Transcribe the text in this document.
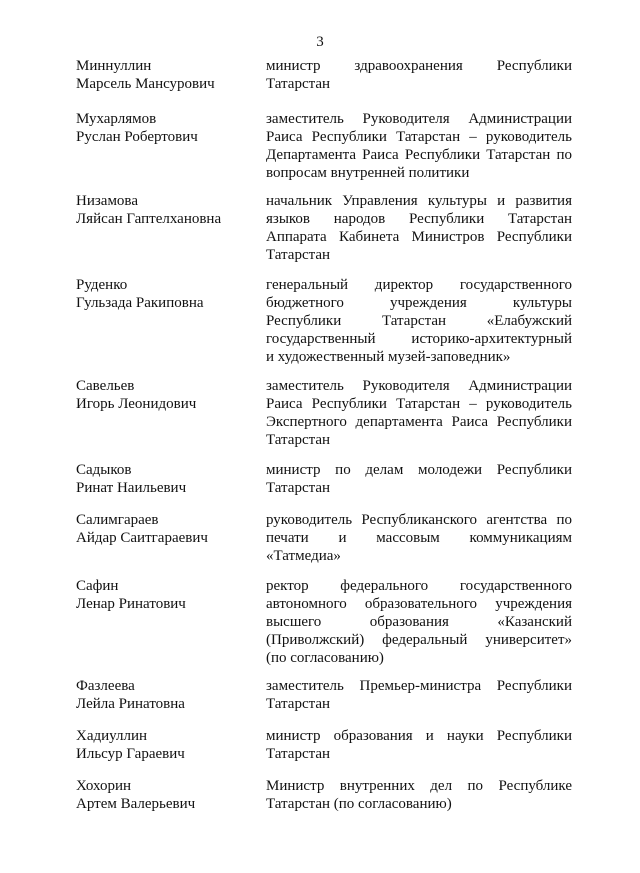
3
Миннуллин
Марсель Мансурович
министр здравоохранения Республики
Татарстан
Мухарлямов
Руслан Робертович
заместитель Руководителя Администрации
Раиса Республики Татарстан – руководитель
Департамента Раиса Республики Татарстан по
вопросам внутренней политики
Низамова
Ляйсан Гаптелхановна
начальник Управления культуры и развития
языков народов Республики Татарстан
Аппарата Кабинета Министров Республики
Татарстан
Руденко
Гульзада Ракиповна
генеральный директор государственного
бюджетного учреждения культуры
Республики Татарстан «Елабужский
государственный историко-архитектурный
и художественный музей-заповедник»
Савельев
Игорь Леонидович
заместитель Руководителя Администрации
Раиса Республики Татарстан – руководитель
Экспертного департамента Раиса Республики
Татарстан
Садыков
Ринат Наильевич
министр по делам молодежи Республики
Татарстан
Салимгараев
Айдар Саитгараевич
руководитель Республиканского агентства по
печати и массовым коммуникациям
«Татмедиа»
Сафин
Ленар Ринатович
ректор федерального государственного
автономного образовательного учреждения
высшего образования «Казанский
(Приволжский) федеральный университет»
(по согласованию)
Фазлеева
Лейла Ринатовна
заместитель Премьер-министра Республики
Татарстан
Хадиуллин
Ильсур Гараевич
министр образования и науки Республики
Татарстан
Хохорин
Артем Валерьевич
Министр внутренних дел по Республике
Татарстан (по согласованию)
